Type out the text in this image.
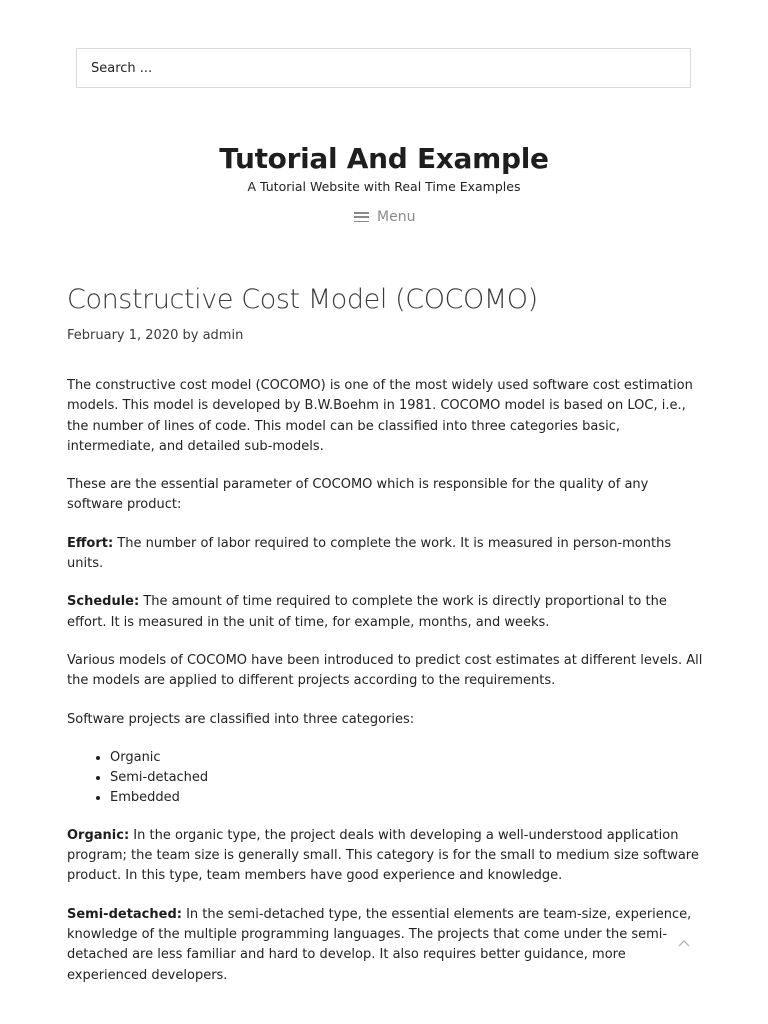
Search ...
Tutorial And Example
A Tutorial Website with Real Time Examples
Menu
Constructive Cost Model (COCOMO)
February 1, 2020 by admin

The constructive cost model (COCOMO) is one of the most widely used software cost estimation models. This model is developed by B.W.Boehm in 1981. COCOMO model is based on LOC, i.e., the number of lines of code. This model can be classified into three categories basic, intermediate, and detailed sub-models.

These are the essential parameter of COCOMO which is responsible for the quality of any software product:

Effort: The number of labor required to complete the work. It is measured in person-months units.

Schedule: The amount of time required to complete the work is directly proportional to the effort. It is measured in the unit of time, for example, months, and weeks.

Various models of COCOMO have been introduced to predict cost estimates at different levels. All the models are applied to different projects according to the requirements.

Software projects are classified into three categories:

• Organic
• Semi-detached
• Embedded

Organic: In the organic type, the project deals with developing a well-understood application program; the team size is generally small. This category is for the small to medium size software product. In this type, team members have good experience and knowledge.

Semi-detached: In the semi-detached type, the essential elements are team-size, experience, knowledge of the multiple programming languages. The projects that come under the semi-detached are less familiar and hard to develop. It also requires better guidance, more experienced developers.
